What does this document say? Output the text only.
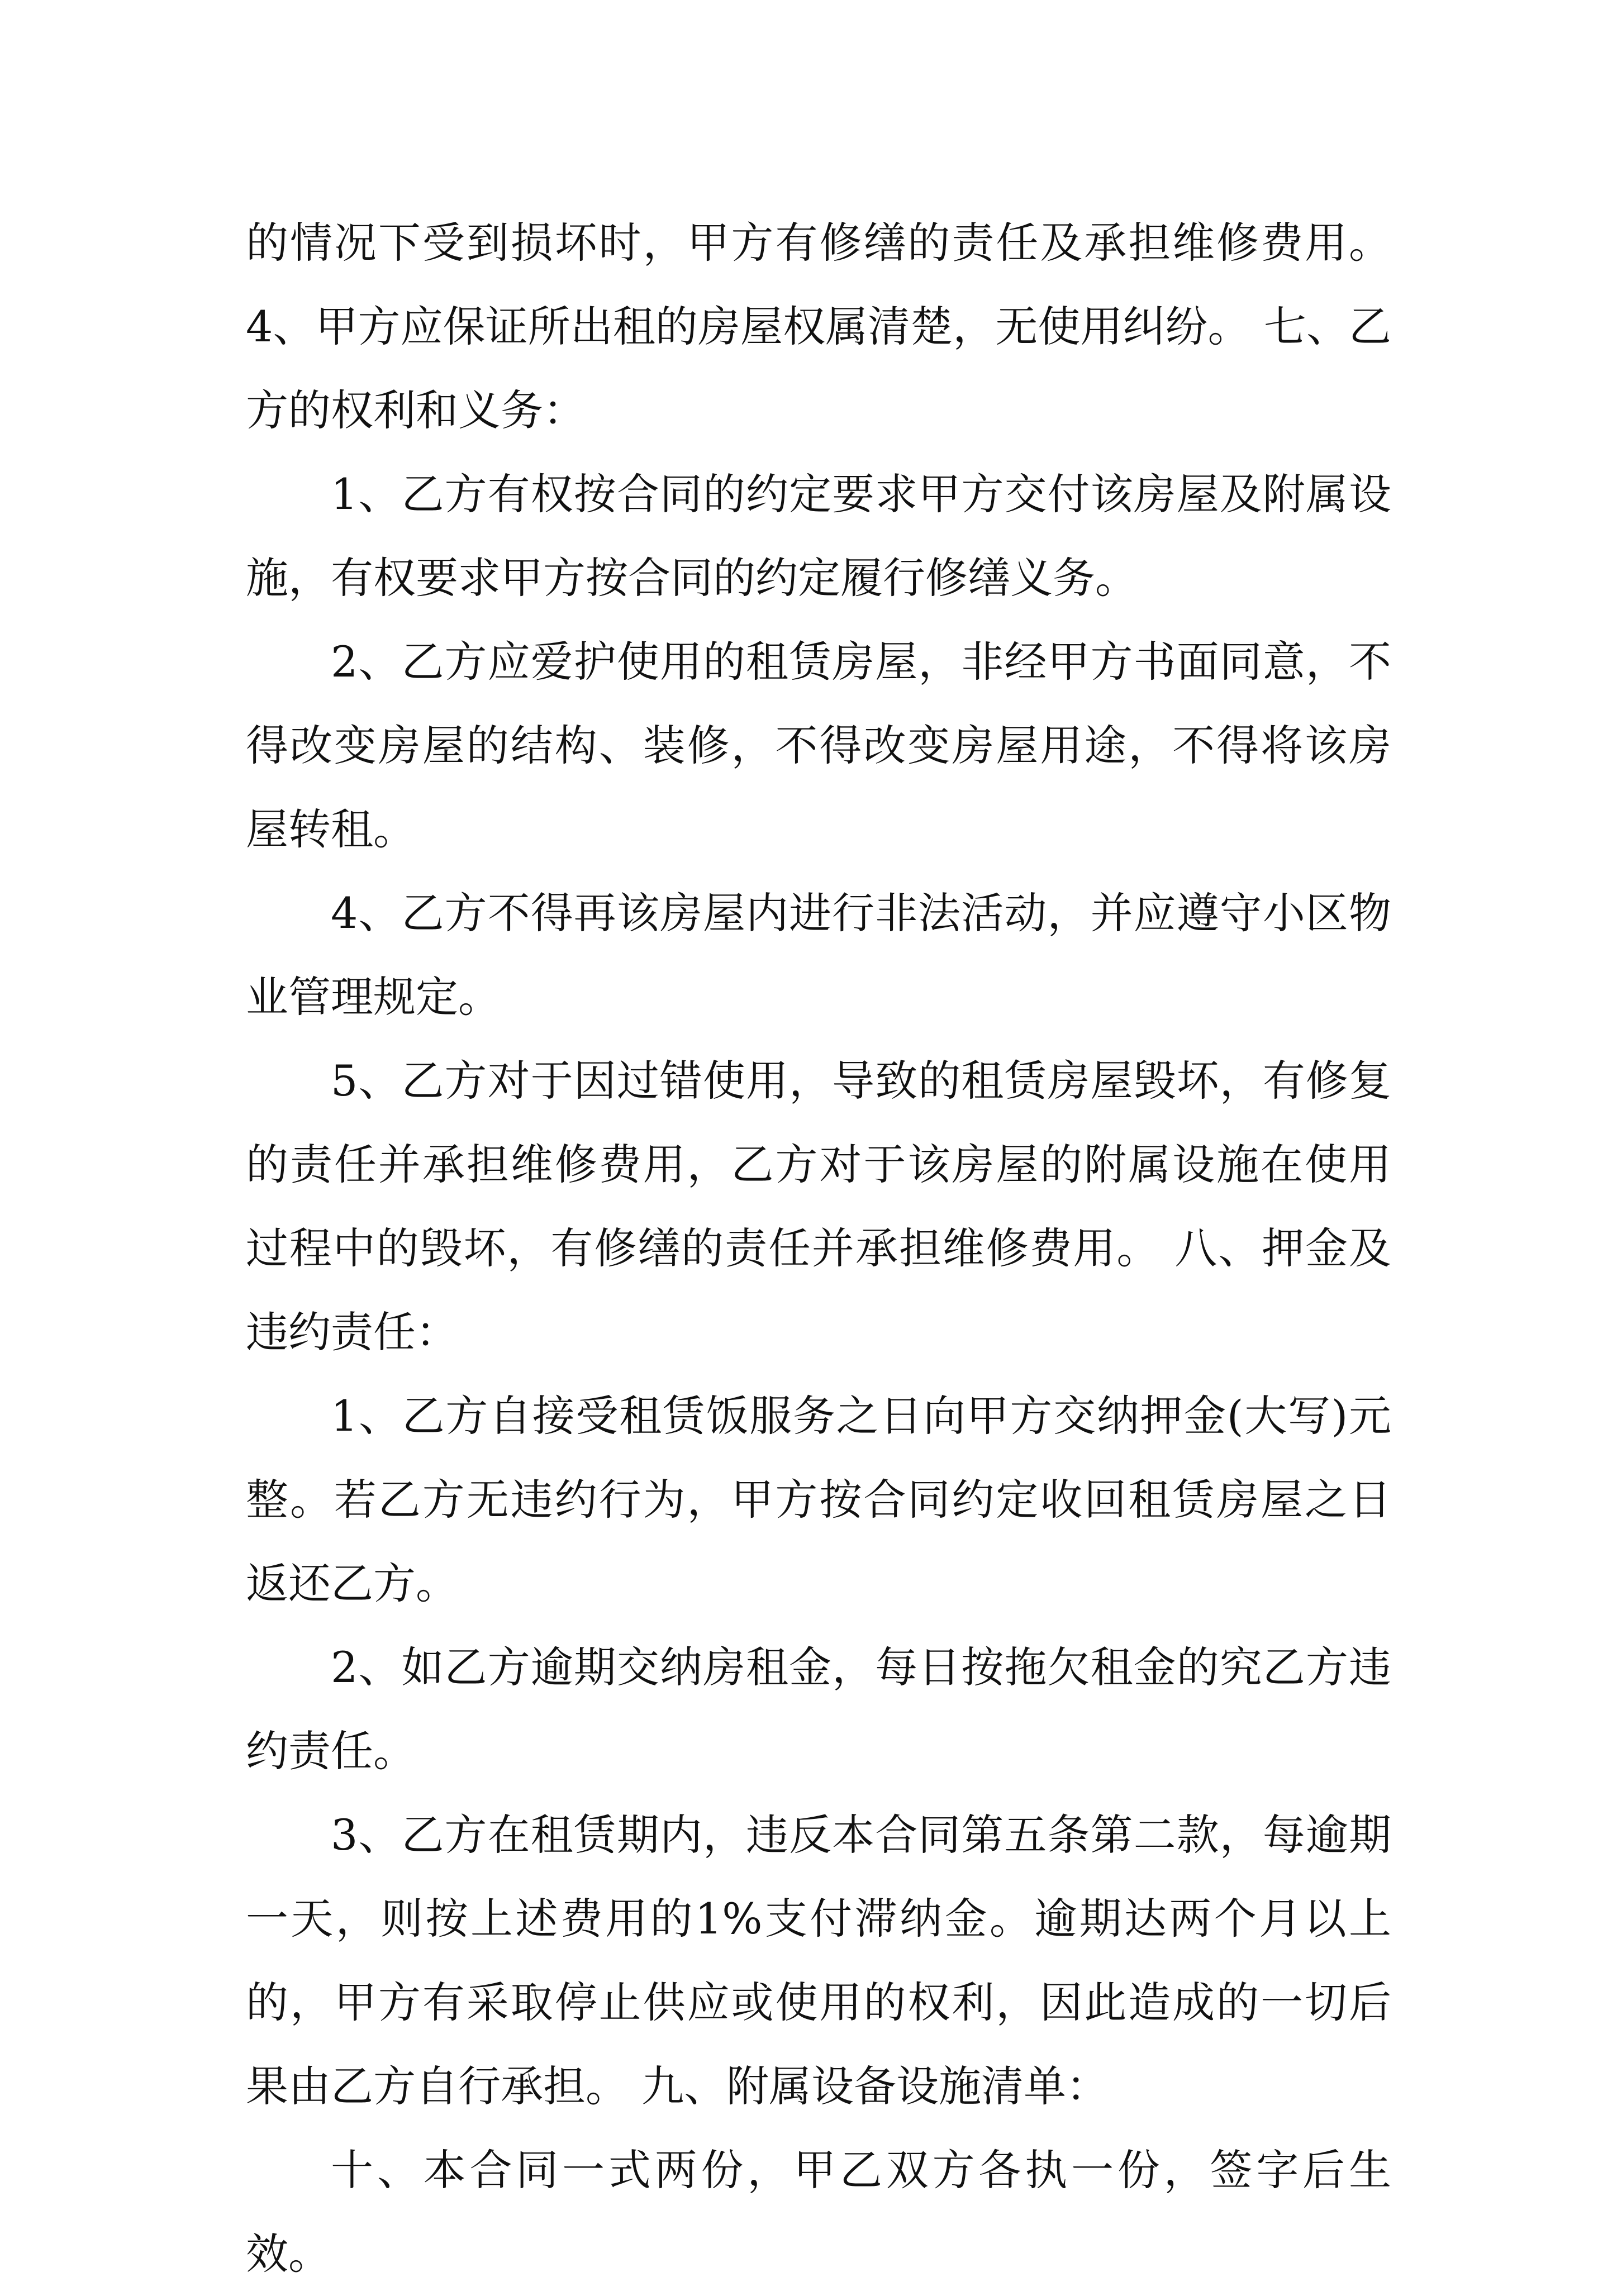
的情况下受到损坏时，甲方有修缮的责任及承担维修费用。4、甲方应保证所出租的房屋权属清楚，无使用纠纷。 七、乙方的权利和义务：

1、乙方有权按合同的约定要求甲方交付该房屋及附属设施，有权要求甲方按合同的约定履行修缮义务。

2、乙方应爱护使用的租赁房屋，非经甲方书面同意，不得改变房屋的结构、装修，不得改变房屋用途，不得将该房 屋转租。

4、乙方不得再该房屋内进行非法活动，并应遵守小区物业管理规定。

5、乙方对于因过错使用，导致的租赁房屋毁坏，有修复的责任并承担维修费用，乙方对于该房屋的附属设施在使用 过程中的毁坏，有修缮的责任并承担维修费用。 八、押金及违约责任：

1、乙方自接受租赁饭服务之日向甲方交纳押金(大写)元整。若乙方无违约行为，甲方按合同约定收回租赁房屋之日返还乙方。

2、如乙方逾期交纳房租金，每日按拖欠租金的究乙方违约责任。

3、乙方在租赁期内，违反本合同第五条第二款，每逾期一天，则按上述费用的1%支付滞纳金。逾期达两个月以上的，甲方有采取停止供应或使用的权利，因此造成的一切后果由乙方自行承担。 九、附属设备设施清单：

十、本合同一式两份，甲乙双方各执一份，签字后生效。
